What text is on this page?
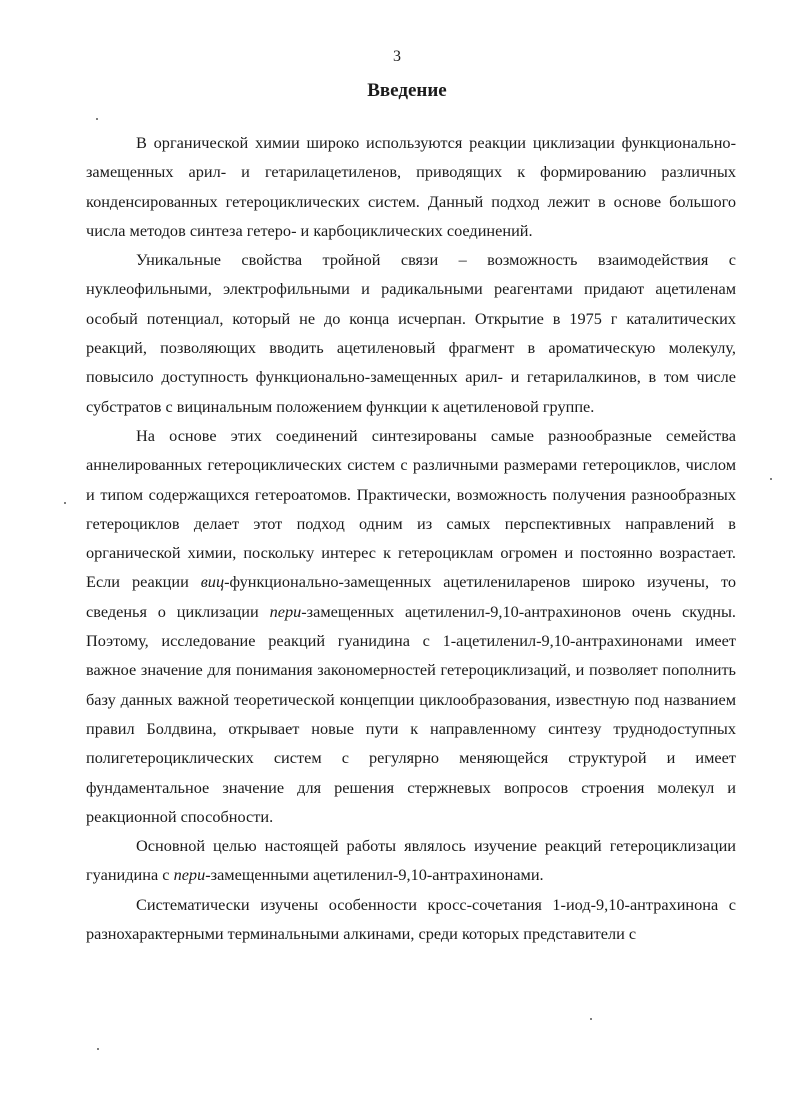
3
Введение

В органической химии широко используются реакции циклизации функционально-замещенных арил- и гетарилацетиленов, приводящих к формированию различных конденсированных гетероциклических систем. Данный подход лежит в основе большого числа методов синтеза гетеро- и карбоциклических соединений.

Уникальные свойства тройной связи – возможность взаимодействия с нуклеофильными, электрофильными и радикальными реагентами придают ацетиленам особый потенциал, который не до конца исчерпан. Открытие в 1975 г каталитических реакций, позволяющих вводить ацетиленовый фрагмент в ароматическую молекулу, повысило доступность функционально-замещенных арил- и гетарилалкинов, в том числе субстратов с вицинальным положением функции к ацетиленовой группе.

На основе этих соединений синтезированы самые разнообразные семейства аннелированных гетероциклических систем с различными размерами гетероциклов, числом и типом содержащихся гетероатомов. Практически, возможность получения разнообразных гетероциклов делает этот подход одним из самых перспективных направлений в органической химии, поскольку интерес к гетероциклам огромен и постоянно возрастает. Если реакции виц-функционально-замещенных ацетилениларенов широко изучены, то сведенья о циклизации пери-замещенных ацетиленил-9,10-антрахинонов очень скудны. Поэтому, исследование реакций гуанидина с 1-ацетиленил-9,10-антрахинонами имеет важное значение для понимания закономерностей гетероциклизаций, и позволяет пополнить базу данных важной теоретической концепции циклообразования, известную под названием правил Болдвина, открывает новые пути к направленному синтезу труднодоступных полигетероциклических систем с регулярно меняющейся структурой и имеет фундаментальное значение для решения стержневых вопросов строения молекул и реакционной способности.

Основной целью настоящей работы являлось изучение реакций гетероциклизации гуанидина с пери-замещенными ацетиленил-9,10-антрахинонами.

Систематически изучены особенности кросс-сочетания 1-иод-9,10-антрахинона с разнохарактерными терминальными алкинами, среди которых представители с
